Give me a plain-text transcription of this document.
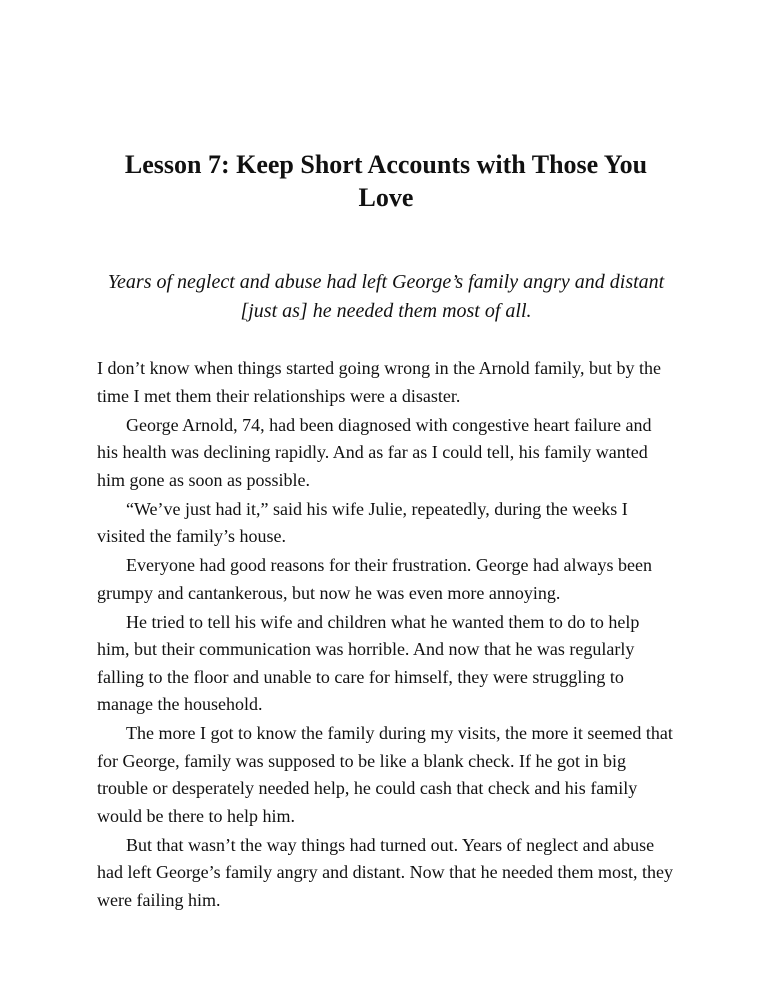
Lesson 7: Keep Short Accounts with Those You Love

Years of neglect and abuse had left George’s family angry and distant [just as] he needed them most of all.

I don’t know when things started going wrong in the Arnold family, but by the time I met them their relationships were a disaster.

George Arnold, 74, had been diagnosed with congestive heart failure and his health was declining rapidly. And as far as I could tell, his family wanted him gone as soon as possible.

“We’ve just had it,” said his wife Julie, repeatedly, during the weeks I visited the family’s house.

Everyone had good reasons for their frustration. George had always been grumpy and cantankerous, but now he was even more annoying.

He tried to tell his wife and children what he wanted them to do to help him, but their communication was horrible. And now that he was regularly falling to the floor and unable to care for himself, they were struggling to manage the household.

The more I got to know the family during my visits, the more it seemed that for George, family was supposed to be like a blank check. If he got in big trouble or desperately needed help, he could cash that check and his family would be there to help him.

But that wasn’t the way things had turned out. Years of neglect and abuse had left George’s family angry and distant. Now that he needed them most, they were failing him.
